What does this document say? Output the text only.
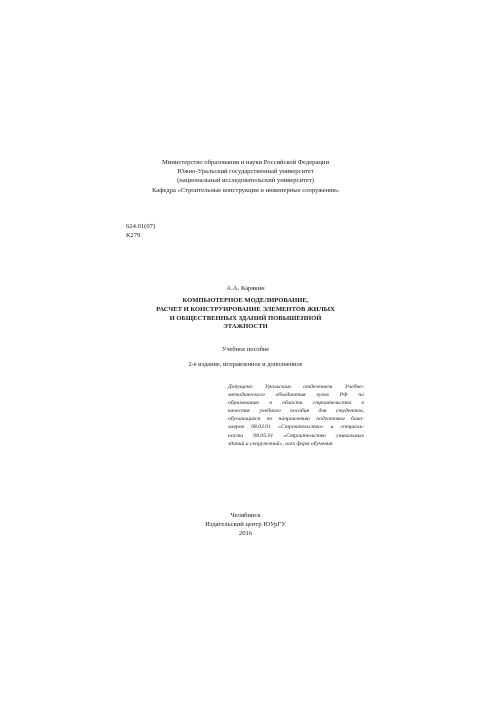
Министерство образования и науки Российской Федерации
Южно-Уральский государственный университет
(национальный исследовательский университет)
Кафедра «Строительные конструкции и инженерные сооружения»
624.01(07)
К279
А.А. Карякин
КОМПЬЮТЕРНОЕ МОДЕЛИРОВАНИЕ,
РАСЧЕТ И КОНСТРУИРОВАНИЕ ЭЛЕМЕНТОВ ЖИЛЫХ
И ОБЩЕСТВЕННЫХ ЗДАНИЙ ПОВЫШЕННОЙ
ЭТАЖНОСТИ
Учебное пособие
2-е издание, исправленное и дополненное
Допущено Уральским отделением Учебно-
методического объединения вузов РФ по
образованию в области строительства в
качестве учебного пособия для студентов,
обучающихся по направлению подготовки бака-
лавров 08.03.01 «Строительство» и специаль-
ности 08.05.01 «Строительство уникальных
зданий и сооружений», всех форм обучения
Челябинск
Издательский центр ЮУрГУ
2016
